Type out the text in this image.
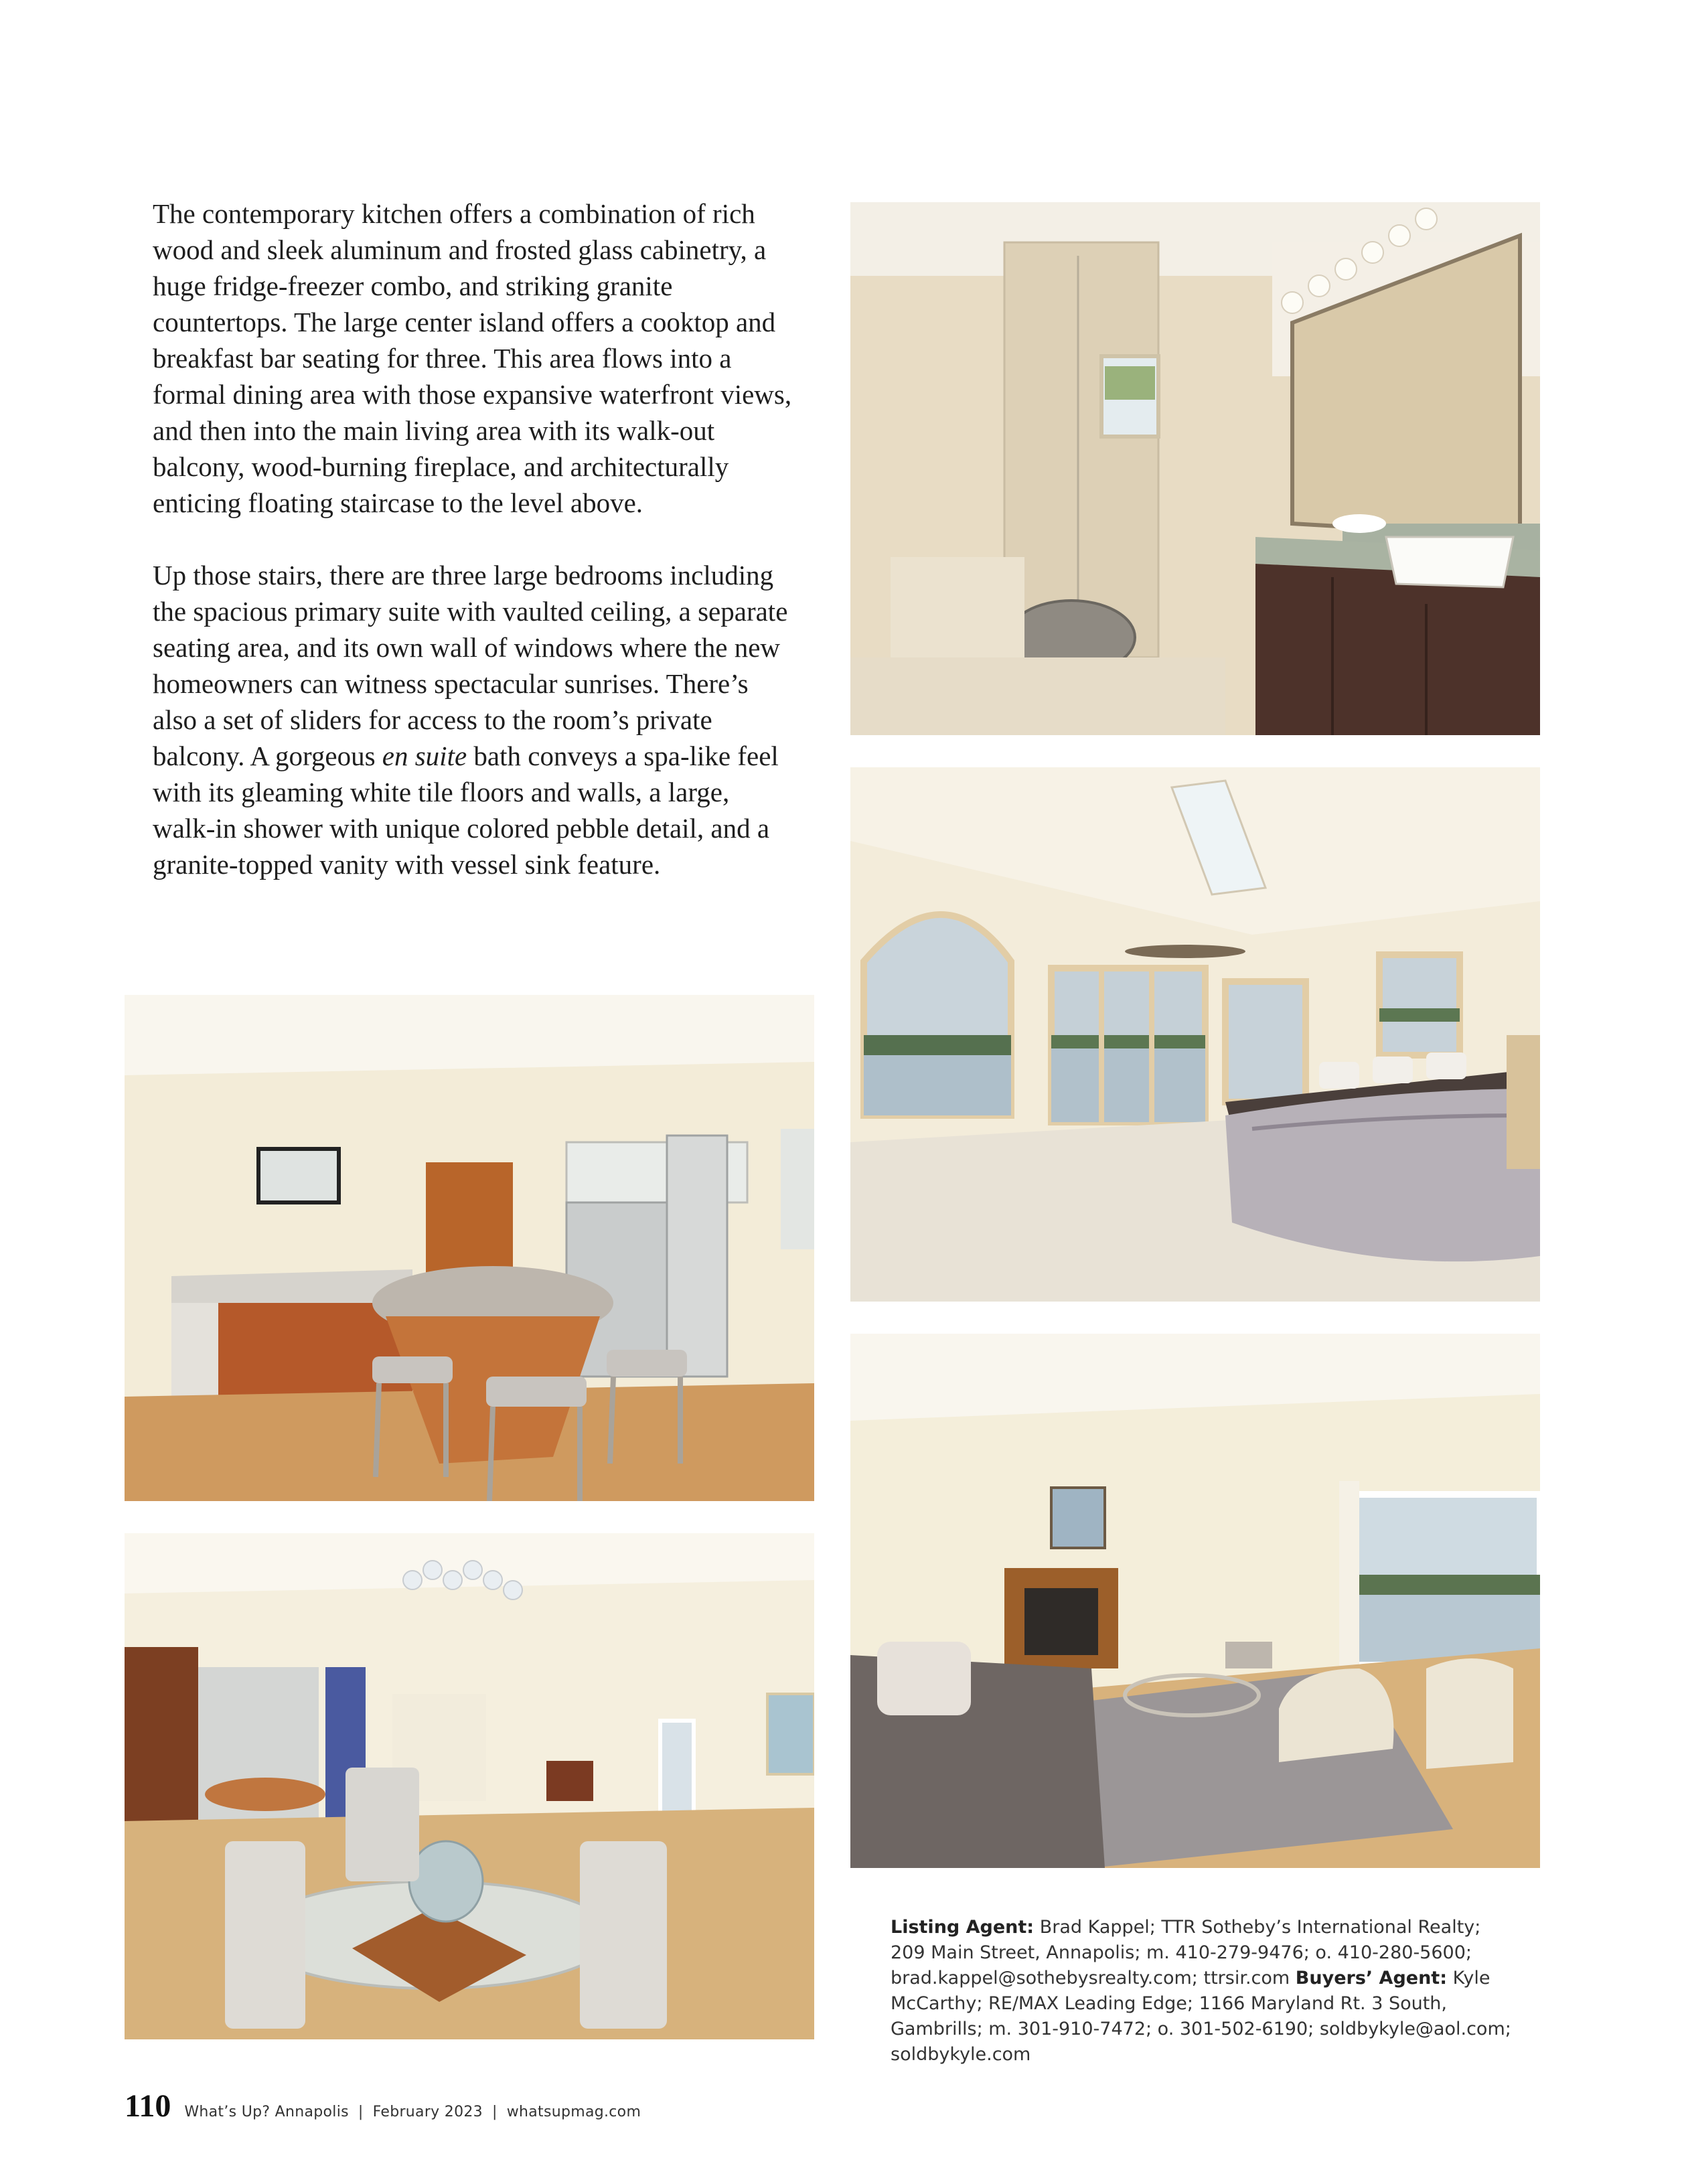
The contemporary kitchen offers a combination of rich wood and sleek aluminum and frosted glass cabinetry, a huge fridge-freezer combo, and striking granite countertops. The large center island offers a cooktop and breakfast bar seating for three. This area flows into a formal dining area with those expansive waterfront views, and then into the main living area with its walk-out balcony, wood-burning fireplace, and architecturally enticing floating staircase to the level above.

Up those stairs, there are three large bedrooms including the spacious primary suite with vaulted ceiling, a separate seating area, and its own wall of windows where the new homeowners can witness spectacular sunrises. There’s also a set of sliders for access to the room’s private balcony. A gorgeous en suite bath conveys a spa-like feel with its gleaming white tile floors and walls, a large, walk-in shower with unique colored pebble detail, and a granite-topped vanity with vessel sink feature.

Listing Agent: Brad Kappel; TTR Sotheby’s International Realty; 209 Main Street, Annapolis; m. 410-279-9476; o. 410-280-5600; brad.kappel@sothebysrealty.com; ttrsir.com Buyers’ Agent: Kyle McCarthy; RE/MAX Leading Edge; 1166 Maryland Rt. 3 South, Gambrills; m. 301-910-7472; o. 301-502-6190; soldbykyle@aol.com; soldbykyle.com
110 What’s Up? Annapolis | February 2023 | whatsupmag.com
